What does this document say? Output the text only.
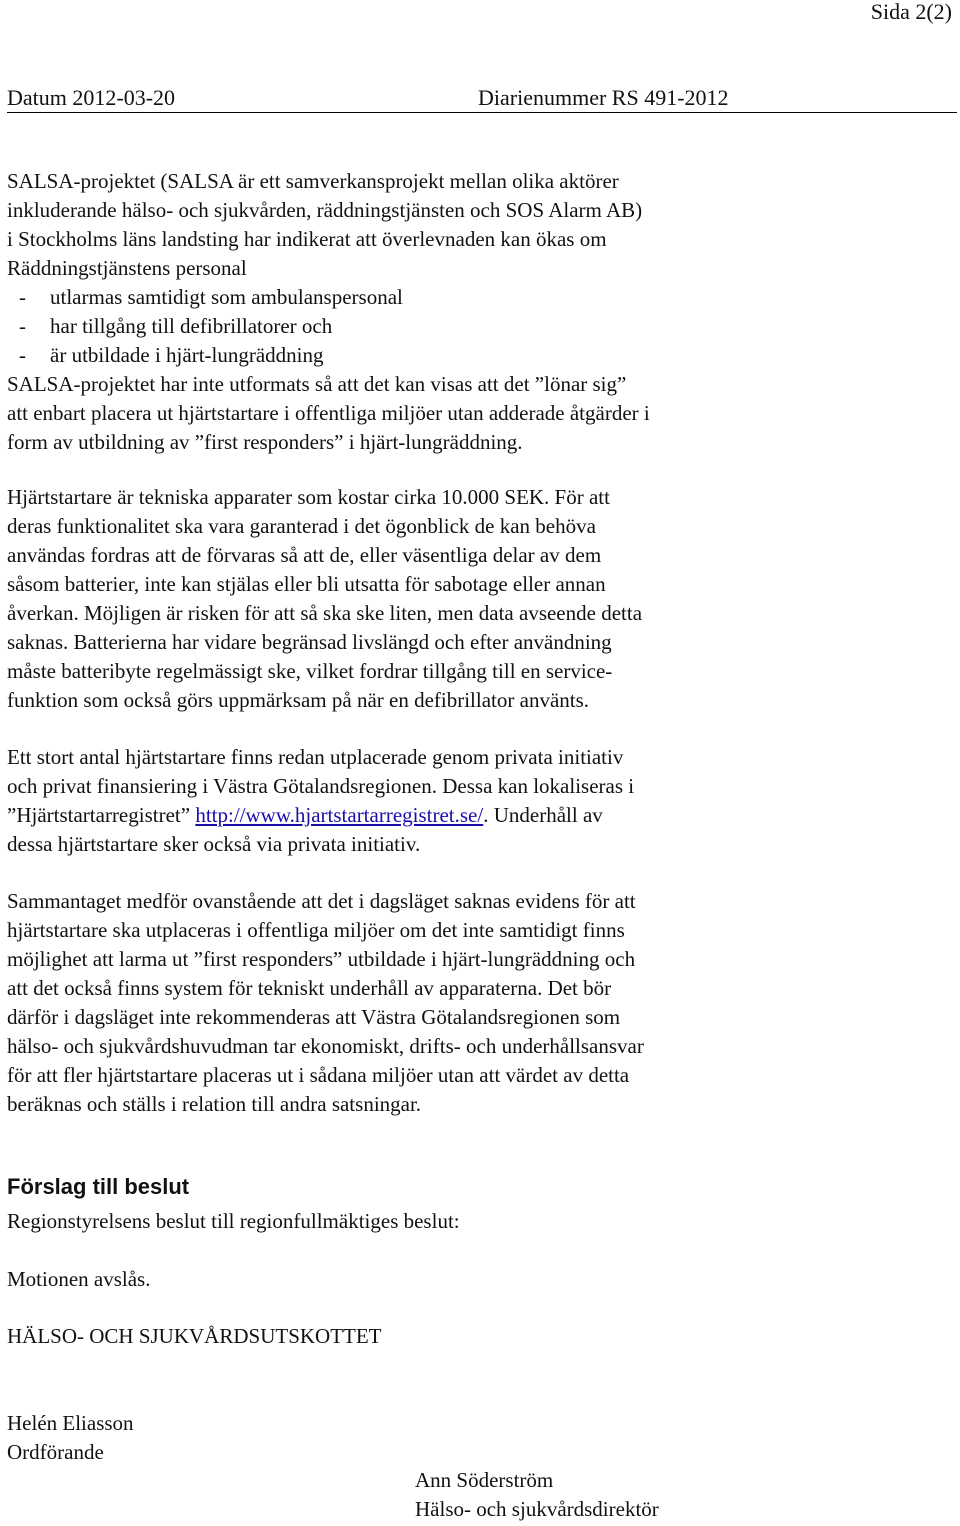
Sida 2(2)
Datum 2012-03-20	Diarienummer RS 491-2012
SALSA-projektet (SALSA är ett samverkansprojekt mellan olika aktörer
inkluderande hälso- och sjukvården, räddningstjänsten och SOS Alarm AB)
i Stockholms läns landsting har indikerat att överlevnaden kan ökas om
Räddningstjänstens personal
- utlarmas samtidigt som ambulanspersonal
- har tillgång till defibrillatorer och
- är utbildade i hjärt-lungräddning
SALSA-projektet har inte utformats så att det kan visas att det ”lönar sig”
att enbart placera ut hjärtstartare i offentliga miljöer utan adderade åtgärder i
form av utbildning av ”first responders” i hjärt-lungräddning.
Hjärtstartare är tekniska apparater som kostar cirka 10.000 SEK. För att
deras funktionalitet ska vara garanterad i det ögonblick de kan behöva
användas fordras att de förvaras så att de, eller väsentliga delar av dem
såsom batterier, inte kan stjälas eller bli utsatta för sabotage eller annan
åverkan. Möjligen är risken för att så ska ske liten, men data avseende detta
saknas. Batterierna har vidare begränsad livslängd och efter användning
måste batteribyte regelmässigt ske, vilket fordrar tillgång till en service-
funktion som också görs uppmärksam på när en defibrillator använts.
Ett stort antal hjärtstartare finns redan utplacerade genom privata initiativ
och privat finansiering i Västra Götalandsregionen. Dessa kan lokaliseras i
”Hjärtstartarregistret” http://www.hjartstartarregistret.se/. Underhåll av
dessa hjärtstartare sker också via privata initiativ.
Sammantaget medför ovanstående att det i dagsläget saknas evidens för att
hjärtstartare ska utplaceras i offentliga miljöer om det inte samtidigt finns
möjlighet att larma ut ”first responders” utbildade i hjärt-lungräddning och
att det också finns system för tekniskt underhåll av apparaterna. Det bör
därför i dagsläget inte rekommenderas att Västra Götalandsregionen som
hälso- och sjukvårdshuvudman tar ekonomiskt, drifts- och underhållsansvar
för att fler hjärtstartare placeras ut i sådana miljöer utan att värdet av detta
beräknas och ställs i relation till andra satsningar.
Förslag till beslut
Regionstyrelsens beslut till regionfullmäktiges beslut:
Motionen avslås.
HÄLSO- OCH SJUKVÅRDSUTSKOTTET
Helén Eliasson
Ordförande
Ann Söderström
Hälso- och sjukvårdsdirektör
